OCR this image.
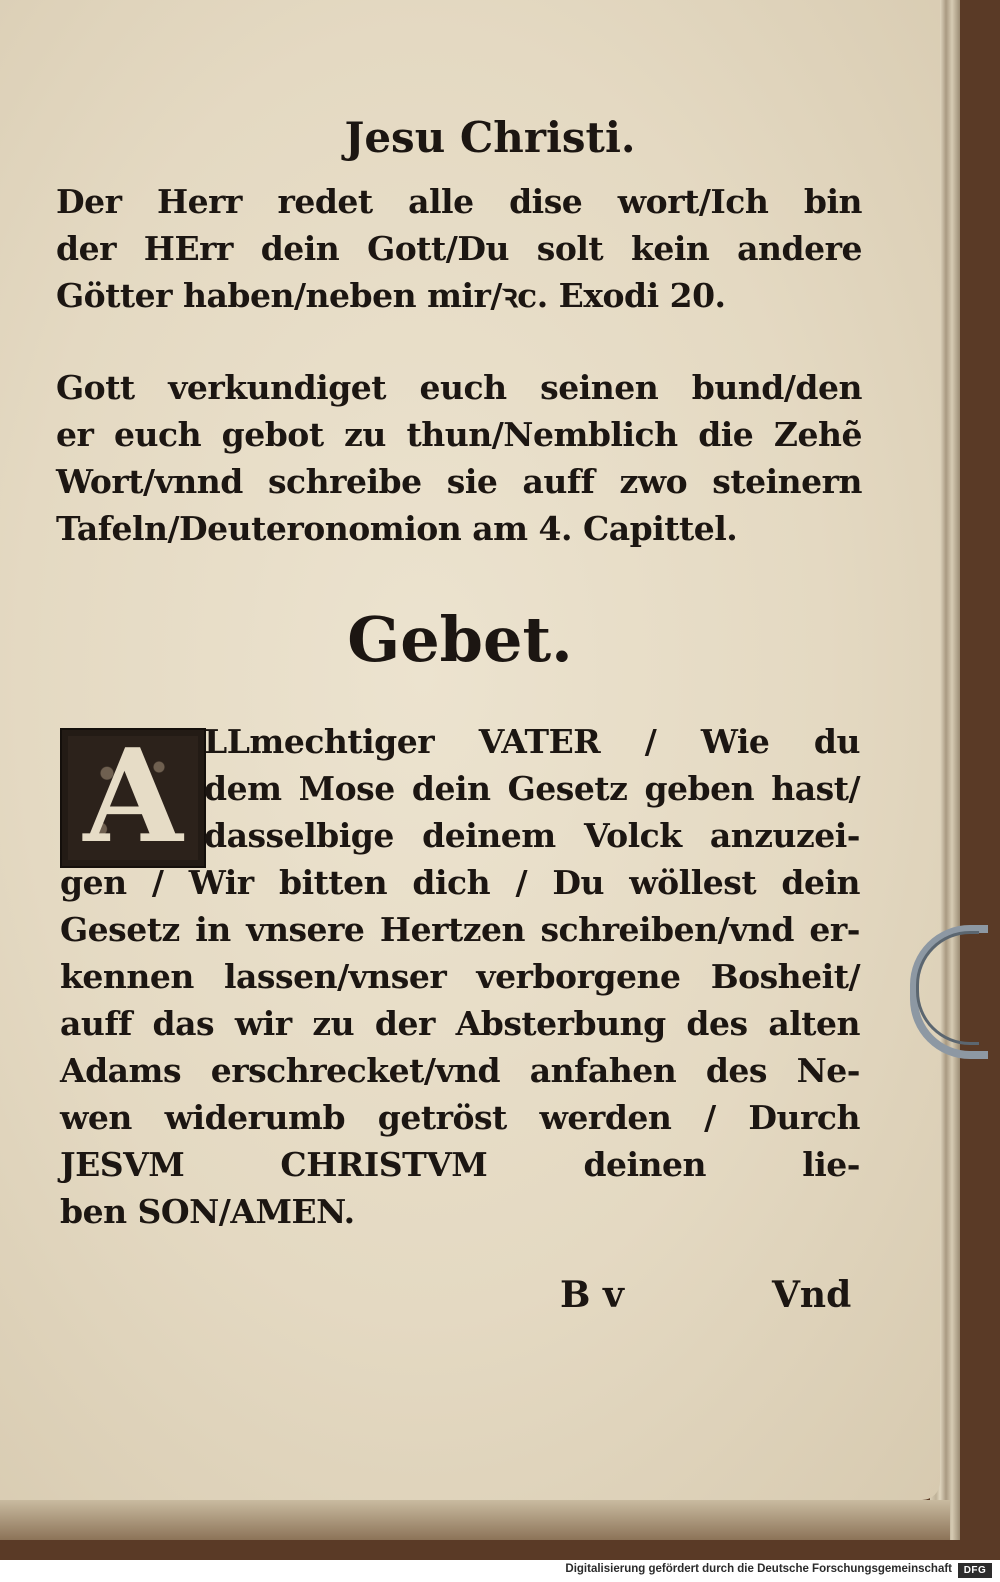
Jesu Christi.
Der Herr redet alle dise wort/Ich bin
der HErr dein Gott/Du solt kein andere
Götter haben/neben mir/ꝛc. Exodi 20.
Gott verkundiget euch seinen bund/den
er euch gebot zu thun/Nemblich die Zehẽ
Wort/vnnd schreibe sie auff zwo steinern
Tafeln/Deuteronomion am 4. Capittel.
Gebet.
A LLmechtiger VATER / Wie du
dem Mose dein Gesetz geben hast/
dasselbige deinem Volck anzuzei-
gen / Wir bitten dich / Du wöllest dein
Gesetz in vnsere Hertzen schreiben/vnd er-
kennen lassen/vnser verborgene Bosheit/
auff das wir zu der Absterbung des alten
Adams erschrecket/vnd anfahen des Ne-
wen widerumb getröst werden / Durch
JESVM CHRISTVM deinen lie-
ben SON/AMEN.
B v	Vnd
Digitalisierung gefördert durch die Deutsche Forschungsgemeinschaft	DFG
